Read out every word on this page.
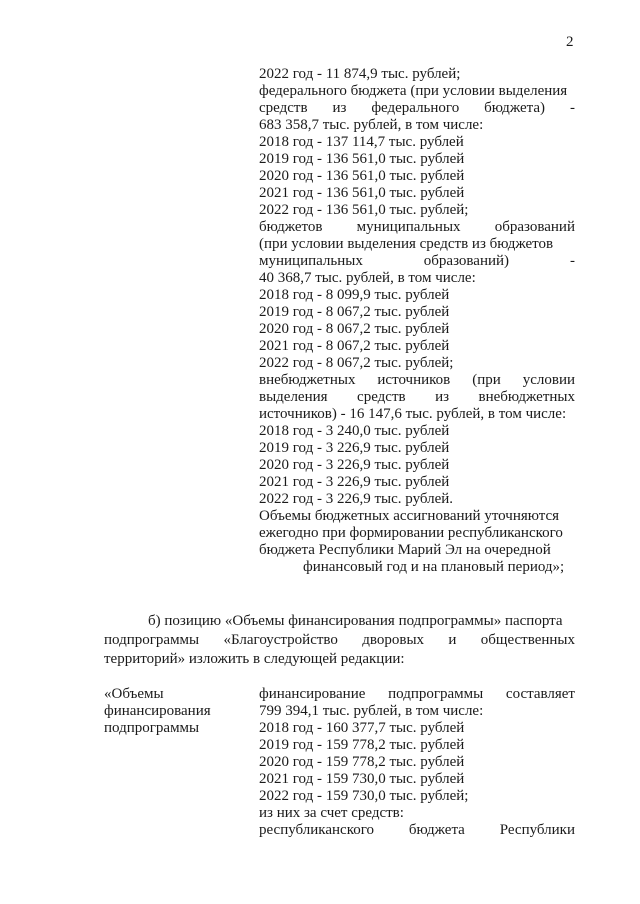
2
2022 год - 11 874,9 тыс. рублей;
федерального бюджета (при условии выделения
средств из федерального бюджета) -
683 358,7 тыс. рублей, в том числе:
2018 год - 137 114,7 тыс. рублей
2019 год - 136 561,0 тыс. рублей
2020 год - 136 561,0 тыс. рублей
2021 год - 136 561,0 тыс. рублей
2022 год - 136 561,0 тыс. рублей;
бюджетов муниципальных образований
(при условии выделения средств из бюджетов
муниципальных	образований)	-
40 368,7 тыс. рублей, в том числе:
2018 год - 8 099,9 тыс. рублей
2019 год - 8 067,2 тыс. рублей
2020 год - 8 067,2 тыс. рублей
2021 год - 8 067,2 тыс. рублей
2022 год - 8 067,2 тыс. рублей;
внебюджетных источников (при условии
выделения средств из внебюджетных
источников) - 16 147,6 тыс. рублей, в том числе:
2018 год - 3 240,0 тыс. рублей
2019 год - 3 226,9 тыс. рублей
2020 год - 3 226,9 тыс. рублей
2021 год - 3 226,9 тыс. рублей
2022 год - 3 226,9 тыс. рублей.
Объемы бюджетных ассигнований уточняются
ежегодно при формировании республиканского
бюджета Республики Марий Эл на очередной
финансовый год и на плановый период»;
б) позицию «Объемы финансирования подпрограммы» паспорта
подпрограммы «Благоустройство дворовых и общественных
территорий» изложить в следующей редакции:
«Объемы
финансирования
подпрограммы
финансирование подпрограммы составляет
799 394,1 тыс. рублей, в том числе:
2018 год - 160 377,7 тыс. рублей
2019 год - 159 778,2 тыс. рублей
2020 год - 159 778,2 тыс. рублей
2021 год - 159 730,0 тыс. рублей
2022 год - 159 730,0 тыс. рублей;
из них за счет средств:
республиканского бюджета Республики
